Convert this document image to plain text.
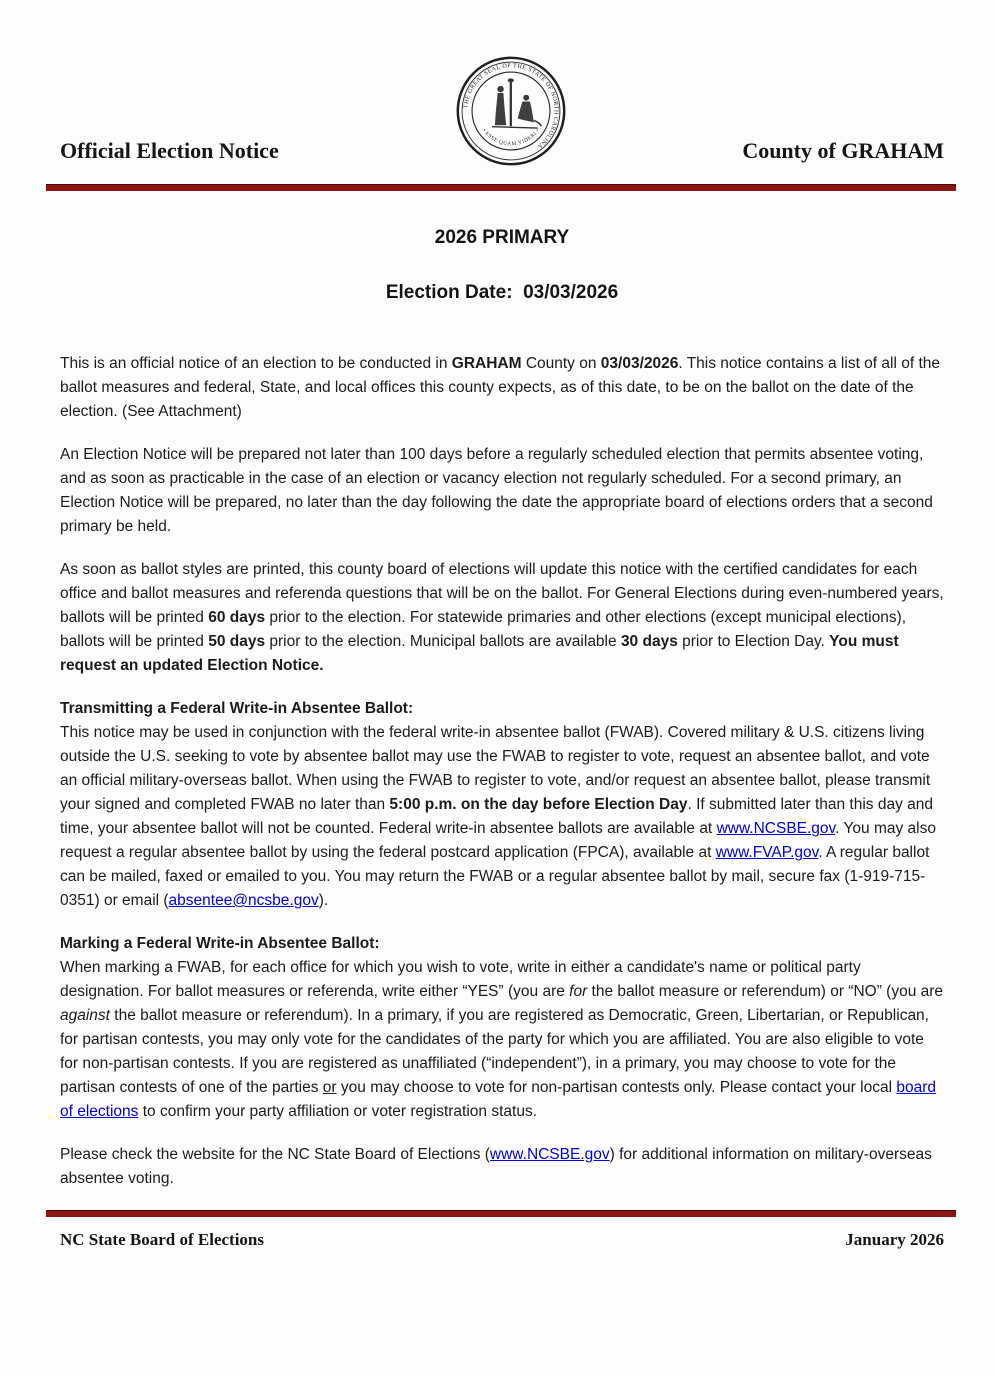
Official Election Notice
THE GREAT SEAL OF THE STATE OF NORTH CAROLINA
• ESSE QUAM VIDERI •
County of GRAHAM
2026 PRIMARY
Election Date:  03/03/2026

This is an official notice of an election to be conducted in GRAHAM County on 03/03/2026. This notice contains a list of all of the ballot measures and federal, State, and local offices this county expects, as of this date, to be on the ballot on the date of the election. (See Attachment)

An Election Notice will be prepared not later than 100 days before a regularly scheduled election that permits absentee voting, and as soon as practicable in the case of an election or vacancy election not regularly scheduled. For a second primary, an Election Notice will be prepared, no later than the day following the date the appropriate board of elections orders that a second primary be held.

As soon as ballot styles are printed, this county board of elections will update this notice with the certified candidates for each office and ballot measures and referenda questions that will be on the ballot. For General Elections during even-numbered years, ballots will be printed 60 days prior to the election. For statewide primaries and other elections (except municipal elections), ballots will be printed 50 days prior to the election. Municipal ballots are available 30 days prior to Election Day. You must request an updated Election Notice.

Transmitting a Federal Write-in Absentee Ballot:

This notice may be used in conjunction with the federal write-in absentee ballot (FWAB). Covered military & U.S. citizens living outside the U.S. seeking to vote by absentee ballot may use the FWAB to register to vote, request an absentee ballot, and vote an official military-overseas ballot. When using the FWAB to register to vote, and/or request an absentee ballot, please transmit your signed and completed FWAB no later than 5:00 p.m. on the day before Election Day. If submitted later than this day and time, your absentee ballot will not be counted. Federal write-in absentee ballots are available at www.NCSBE.gov. You may also request a regular absentee ballot by using the federal postcard application (FPCA), available at www.FVAP.gov. A regular ballot can be mailed, faxed or emailed to you. You may return the FWAB or a regular absentee ballot by mail, secure fax (1-919-715-0351) or email (absentee@ncsbe.gov).

Marking a Federal Write-in Absentee Ballot:

When marking a FWAB, for each office for which you wish to vote, write in either a candidate's name or political party designation. For ballot measures or referenda, write either “YES” (you are for the ballot measure or referendum) or “NO” (you are against the ballot measure or referendum). In a primary, if you are registered as Democratic, Green, Libertarian, or Republican, for partisan contests, you may only vote for the candidates of the party for which you are affiliated. You are also eligible to vote for non-partisan contests. If you are registered as unaffiliated (“independent”), in a primary, you may choose to vote for the partisan contests of one of the parties or you may choose to vote for non-partisan contests only. Please contact your local board of elections to confirm your party affiliation or voter registration status.

Please check the website for the NC State Board of Elections (www.NCSBE.gov) for additional information on military-overseas absentee voting.

NC State Board of Elections	January 2026
